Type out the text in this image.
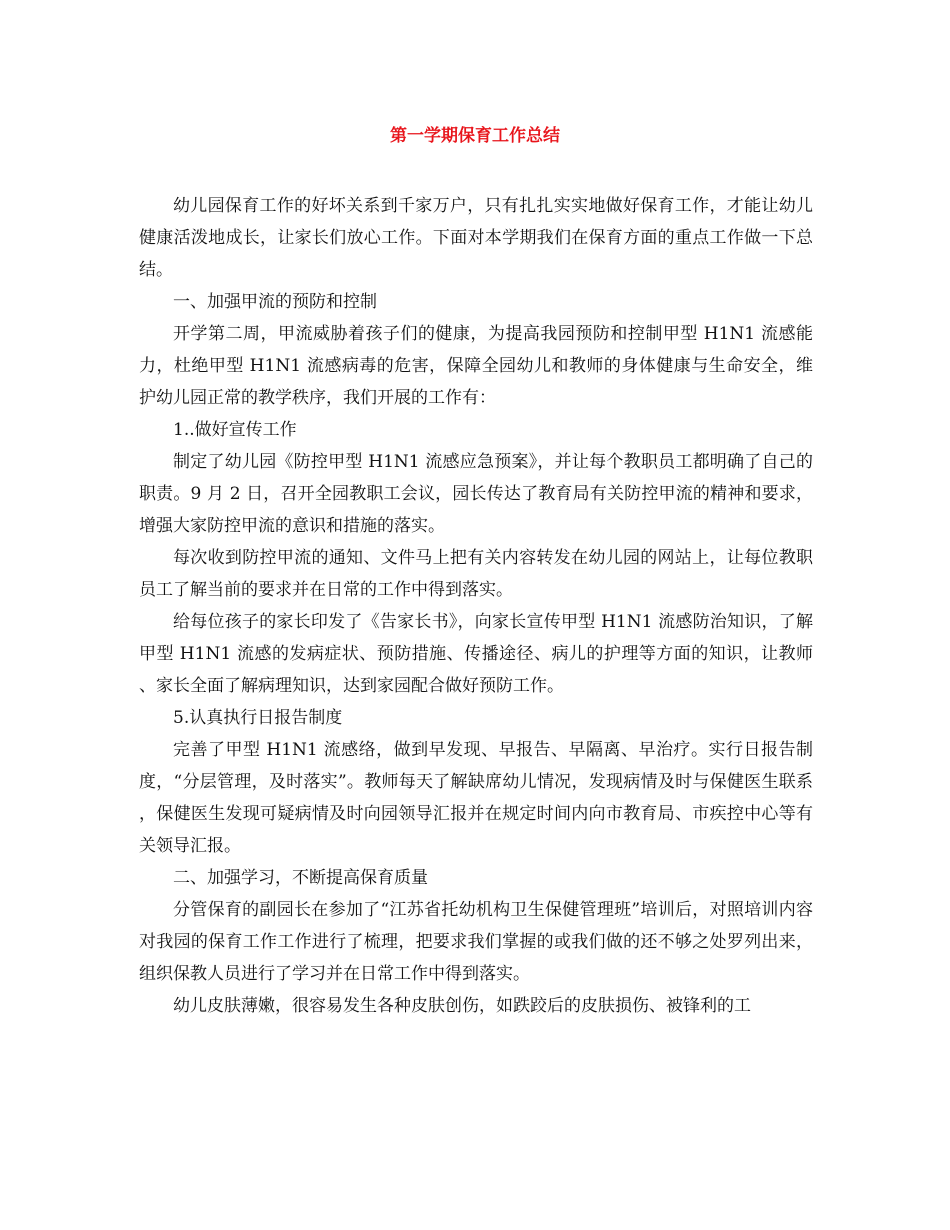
第一学期保育工作总结

幼儿园保育工作的好坏关系到千家万户，只有扎扎实实地做好保育工作，才能让幼儿健康活泼地成长，让家长们放心工作。下面对本学期我们在保育方面的重点工作做一下总结。

一、加强甲流的预防和控制

开学第二周，甲流威胁着孩子们的健康，为提高我园预防和控制甲型 H1N1 流感能力，杜绝甲型 H1N1 流感病毒的危害，保障全园幼儿和教师的身体健康与生命安全，维护幼儿园正常的教学秩序，我们开展的工作有：

1..做好宣传工作

制定了幼儿园《防控甲型 H1N1 流感应急预案》，并让每个教职员工都明确了自己的职责。9 月 2 日，召开全园教职工会议，园长传达了教育局有关防控甲流的精神和要求，增强大家防控甲流的意识和措施的落实。

每次收到防控甲流的通知、文件马上把有关内容转发在幼儿园的网站上，让每位教职员工了解当前的要求并在日常的工作中得到落实。

给每位孩子的家长印发了《告家长书》，向家长宣传甲型 H1N1 流感防治知识，了解甲型 H1N1 流感的发病症状、预防措施、传播途径、病儿的护理等方面的知识，让教师、家长全面了解病理知识，达到家园配合做好预防工作。

5.认真执行日报告制度

完善了甲型 H1N1 流感络，做到早发现、早报告、早隔离、早治疗。实行日报告制度，“分层管理，及时落实”。教师每天了解缺席幼儿情况，发现病情及时与保健医生联系，保健医生发现可疑病情及时向园领导汇报并在规定时间内向市教育局、市疾控中心等有关领导汇报。

二、加强学习，不断提高保育质量

分管保育的副园长在参加了“江苏省托幼机构卫生保健管理班”培训后，对照培训内容对我园的保育工作工作进行了梳理，把要求我们掌握的或我们做的还不够之处罗列出来，组织保教人员进行了学习并在日常工作中得到落实。

幼儿皮肤薄嫩，很容易发生各种皮肤创伤，如跌跤后的皮肤损伤、被锋利的工
